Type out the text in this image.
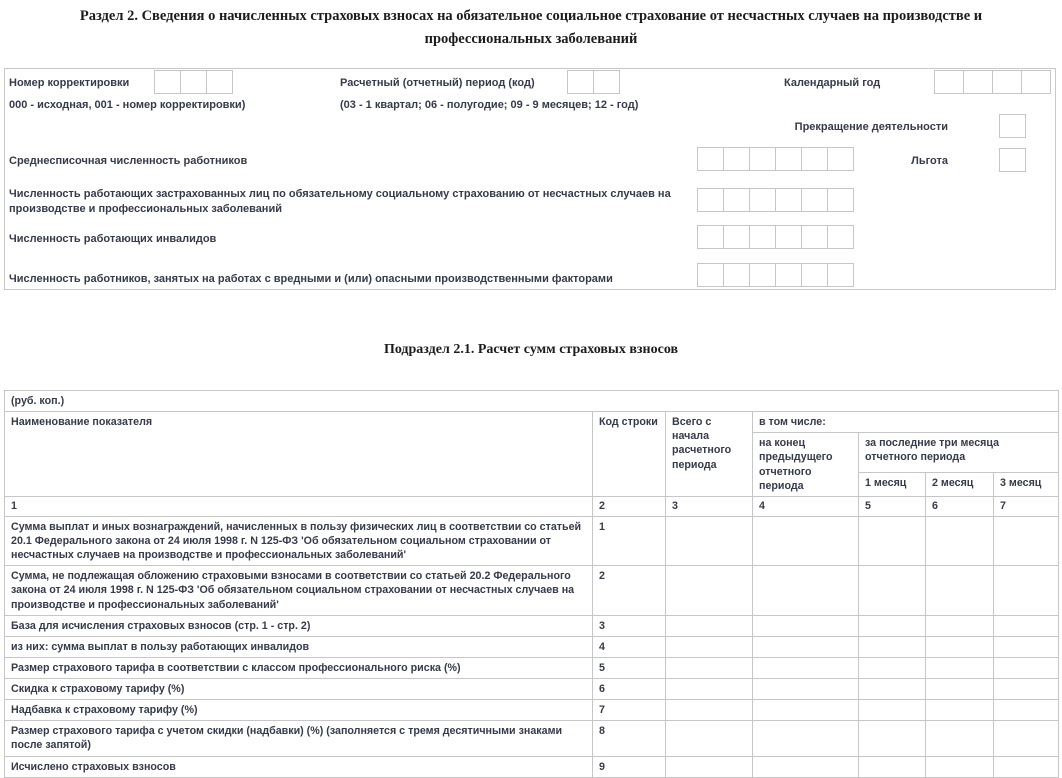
Раздел 2. Сведения о начисленных страховых взносах на обязательное социальное страхование от несчастных случаев на производстве и профессиональных заболеваний
Номер корректировки	Расчетный (отчетный) период (код)	Календарный год
000 - исходная, 001 - номер корректировки)	(03 - 1 квартал; 06 - полугодие; 09 - 9 месяцев; 12 - год)
Прекращение деятельности
Среднесписочная численность работников	Льгота
Численность работающих застрахованных лиц по обязательному социальному страхованию от несчастных случаев на производстве и профессиональных заболеваний
Численность работающих инвалидов
Численность работников, занятых на работах с вредными и (или) опасными производственными факторами
Подраздел 2.1. Расчет сумм страховых взносов
(руб. коп.)						
Наименование показателя	Код строки	Всего с начала расчетного периода	в том числе:			
			на конец предыдущего отчетного периода	за последние три месяца отчетного периода		
				1 месяц	2 месяц	3 месяц
1	2	3	4	5	6	7
Сумма выплат и иных вознаграждений, начисленных в пользу физических лиц в соответствии со статьей 20.1 Федерального закона от 24 июля 1998 г. N 125-ФЗ 'Об обязательном социальном страховании от несчастных случаев на производстве и профессиональных заболеваний'	1					
Сумма, не подлежащая обложению страховыми взносами в соответствии со статьей 20.2 Федерального закона от 24 июля 1998 г. N 125-ФЗ 'Об обязательном социальном страховании от несчастных случаев на производстве и профессиональных заболеваний'	2					
База для исчисления страховых взносов (стр. 1 - стр. 2)	3					
из них: сумма выплат в пользу работающих инвалидов	4					
Размер страхового тарифа в соответствии с классом профессионального риска (%)	5					
Скидка к страховому тарифу (%)	6					
Надбавка к страховому тарифу (%)	7					
Размер страхового тарифа с учетом скидки (надбавки) (%) (заполняется с тремя десятичными знаками после запятой)	8					
Исчислено страховых взносов	9					
